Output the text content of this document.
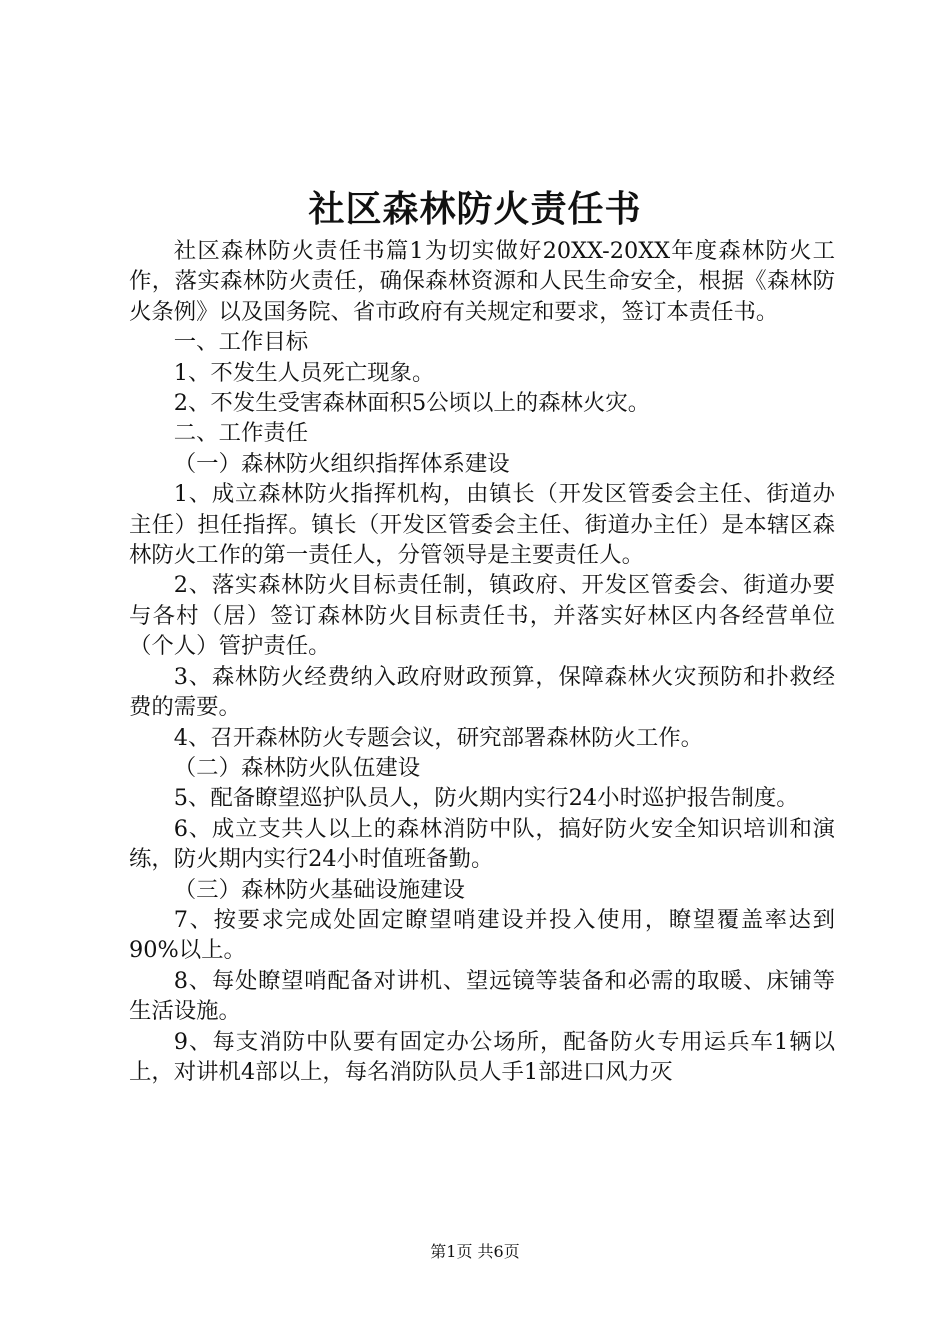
社区森林防火责任书

社区森林防火责任书篇1为切实做好20XX-20XX年度森林防火工作，落实森林防火责任，确保森林资源和人民生命安全，根据《森林防火条例》以及国务院、省市政府有关规定和要求，签订本责任书。

一、工作目标

1、不发生人员死亡现象。

2、不发生受害森林面积5公顷以上的森林火灾。

二、工作责任

（一）森林防火组织指挥体系建设

1、成立森林防火指挥机构，由镇长（开发区管委会主任、街道办主任）担任指挥。镇长（开发区管委会主任、街道办主任）是本辖区森林防火工作的第一责任人，分管领导是主要责任人。

2、落实森林防火目标责任制，镇政府、开发区管委会、街道办要与各村（居）签订森林防火目标责任书，并落实好林区内各经营单位（个人）管护责任。

3、森林防火经费纳入政府财政预算，保障森林火灾预防和扑救经费的需要。

4、召开森林防火专题会议，研究部署森林防火工作。

（二）森林防火队伍建设

5、配备瞭望巡护队员人，防火期内实行24小时巡护报告制度。

6、成立支共人以上的森林消防中队，搞好防火安全知识培训和演练，防火期内实行24小时值班备勤。

（三）森林防火基础设施建设

7、按要求完成处固定瞭望哨建设并投入使用，瞭望覆盖率达到90%以上。

8、每处瞭望哨配备对讲机、望远镜等装备和必需的取暖、床铺等生活设施。

9、每支消防中队要有固定办公场所，配备防火专用运兵车1辆以上，对讲机4部以上，每名消防队员人手1部进口风力灭

第1页 共6页
